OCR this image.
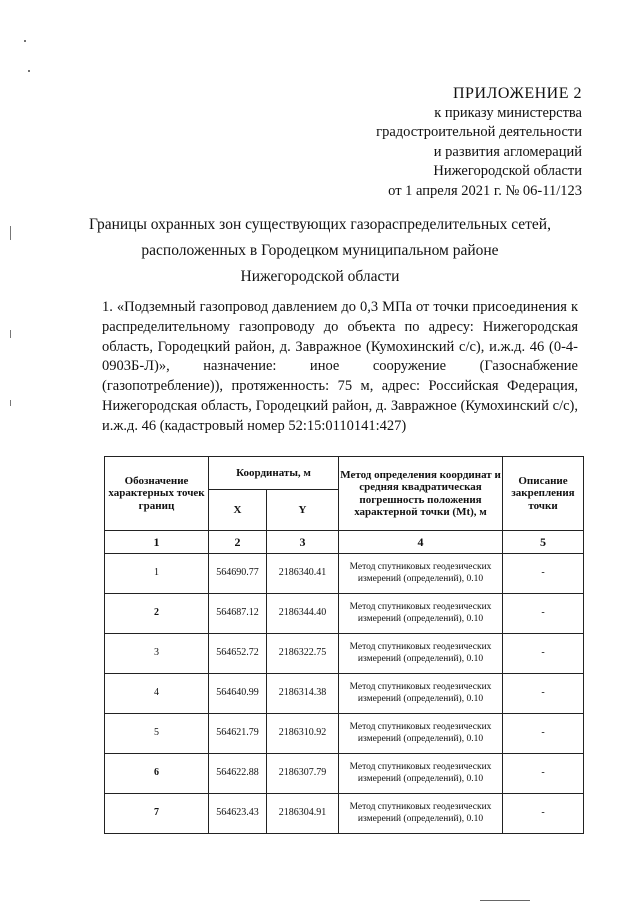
ПРИЛОЖЕНИЕ 2
к приказу министерства
градостроительной деятельности
и развития агломераций
Нижегородской области
от 1 апреля 2021 г. № 06-11/123
Границы охранных зон существующих газораспределительных сетей,
расположенных в Городецком муниципальном районе
Нижегородской области
1. «Подземный газопровод давлением до 0,3 МПа от точки присоединения к распределительному газопроводу до объекта по адресу: Нижегородская область, Городецкий район, д. Завражное (Кумохинский с/с), и.ж.д. 46 (0-4-0903Б-Л)», назначение: иное сооружение (Газоснабжение (газопотребление)), протяженность: 75 м, адрес: Российская Федерация, Нижегородская область, Городецкий район, д. Завражное (Кумохинский с/с), и.ж.д. 46 (кадастровый номер 52:15:0110141:427)
Обозначение характерных точек границ	Координаты, м		Метод определения координат и средняя квадратическая погрешность положения характерной точки (Mt), м	Описание закрепления точки
	X	Y		
1	2	3	4	5
1	564690.77	2186340.41	Метод спутниковых геодезических измерений (определений), 0.10	-
2	564687.12	2186344.40	Метод спутниковых геодезических измерений (определений), 0.10	-
3	564652.72	2186322.75	Метод спутниковых геодезических измерений (определений), 0.10	-
4	564640.99	2186314.38	Метод спутниковых геодезических измерений (определений), 0.10	-
5	564621.79	2186310.92	Метод спутниковых геодезических измерений (определений), 0.10	-
6	564622.88	2186307.79	Метод спутниковых геодезических измерений (определений), 0.10	-
7	564623.43	2186304.91	Метод спутниковых геодезических измерений (определений), 0.10	-
